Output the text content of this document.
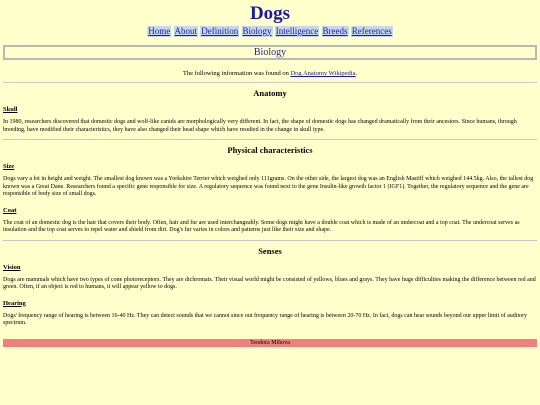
Dogs
Home About Definition Biology Intelligence Breeds References
Biology
The following information was found on Dog Anatomy Wikipedia.
Anatomy
Skull

In 1980, researchers discovered that domestic dogs and wolf-like canids are morphologically very different. In fact, the shape of domestic dogs has changed dramatically from their ancestors. Since humans, through breeding, have modified their characteristics, they have also changed their head shape which have resulted in the change in skull type.

Physical characteristics
Size

Dogs vary a lot in height and weight. The smallest dog known was a Yorkshire Terrier which weighed only 111grams. On the other side, the largest dog was an English Mastiff which weighed 144.5kg. Also, the tallest dog known was a Great Dane. Researchers found a specific gene responsible for size. A regulatory sequence was found next to the gene Insulin-like growth factor 1 (IGF1). Together, the regulatory sequence and the gene are responsible of body size of small dogs.

Coat

The coat of an domestic dog is the hair that covers their body. Often, hair and fur are used interchangeably. Some dogs might have a double coat which is made of an undercoat and a top coat. The undercoat serves as insulation and the top coat serves to repel water and shield from dirt. Dog's fur varies in colors and patterns just like their size and shape.

Senses
Vision

Dogs are mammals which have two types of cone photoreceptors. They are dichromats. Their visual world might be consisted of yellows, blues and grays. They have huge difficulties making the difference between red and green. Often, if an object is red to humans, it will appear yellow to dogs.

Hearing

Dogs' frequency range of hearing is between 16-40 Hz. They can detect sounds that we cannot since out frequency range of hearing is between 20-70 Hz. In fact, dogs can hear sounds beyond our upper limit of auditory spectrum.

Teodora Mihova
